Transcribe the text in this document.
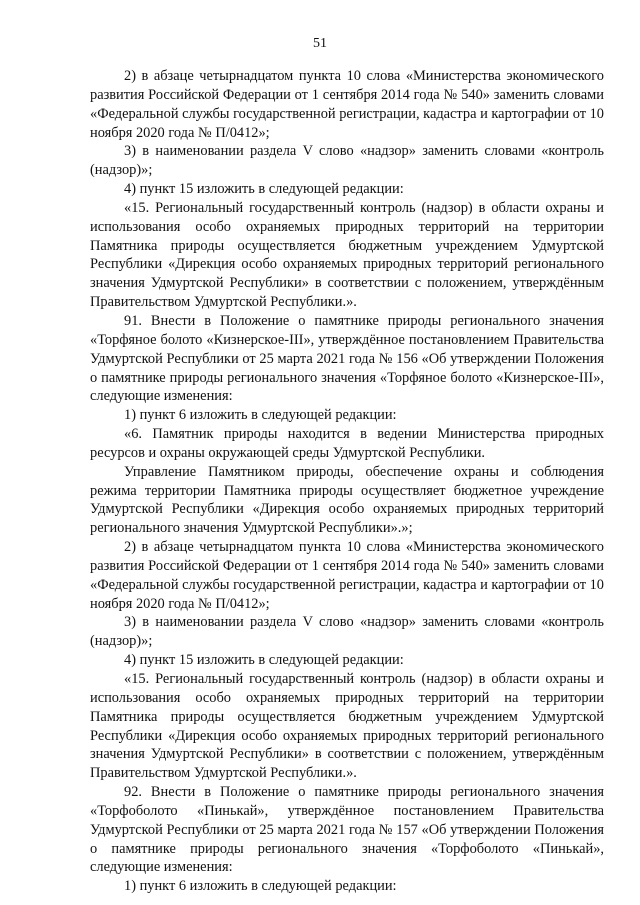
51

2) в абзаце четырнадцатом пункта 10 слова «Министерства экономического развития Российской Федерации от 1 сентября 2014 года № 540» заменить словами «Федеральной службы государственной регистрации, кадастра и картографии от 10 ноября 2020 года № П/0412»;

3) в наименовании раздела V слово «надзор» заменить словами «контроль (надзор)»;

4) пункт 15 изложить в следующей редакции:

«15. Региональный государственный контроль (надзор) в области охраны и использования особо охраняемых природных территорий на территории Памятника природы осуществляется бюджетным учреждением Удмуртской Республики «Дирекция особо охраняемых природных территорий регионального значения Удмуртской Республики» в соответствии с положением, утверждённым Правительством Удмуртской Республики.».

91. Внести в Положение о памятнике природы регионального значения «Торфяное болото «Кизнерское-III», утверждённое постановлением Правительства Удмуртской Республики от 25 марта 2021 года № 156 «Об утверждении Положения о памятнике природы регионального значения «Торфяное болото «Кизнерское-III», следующие изменения:

1) пункт 6 изложить в следующей редакции:

«6. Памятник природы находится в ведении Министерства природных ресурсов и охраны окружающей среды Удмуртской Республики.

Управление Памятником природы, обеспечение охраны и соблюдения режима территории Памятника природы осуществляет бюджетное учреждение Удмуртской Республики «Дирекция особо охраняемых природных территорий регионального значения Удмуртской Республики».»;

2) в абзаце четырнадцатом пункта 10 слова «Министерства экономического развития Российской Федерации от 1 сентября 2014 года № 540» заменить словами «Федеральной службы государственной регистрации, кадастра и картографии от 10 ноября 2020 года № П/0412»;

3) в наименовании раздела V слово «надзор» заменить словами «контроль (надзор)»;

4) пункт 15 изложить в следующей редакции:

«15. Региональный государственный контроль (надзор) в области охраны и использования особо охраняемых природных территорий на территории Памятника природы осуществляется бюджетным учреждением Удмуртской Республики «Дирекция особо охраняемых природных территорий регионального значения Удмуртской Республики» в соответствии с положением, утверждённым Правительством Удмуртской Республики.».

92. Внести в Положение о памятнике природы регионального значения «Торфоболото «Пинькай», утверждённое постановлением Правительства Удмуртской Республики от 25 марта 2021 года № 157 «Об утверждении Положения о памятнике природы регионального значения «Торфоболото «Пинькай», следующие изменения:

1) пункт 6 изложить в следующей редакции:
